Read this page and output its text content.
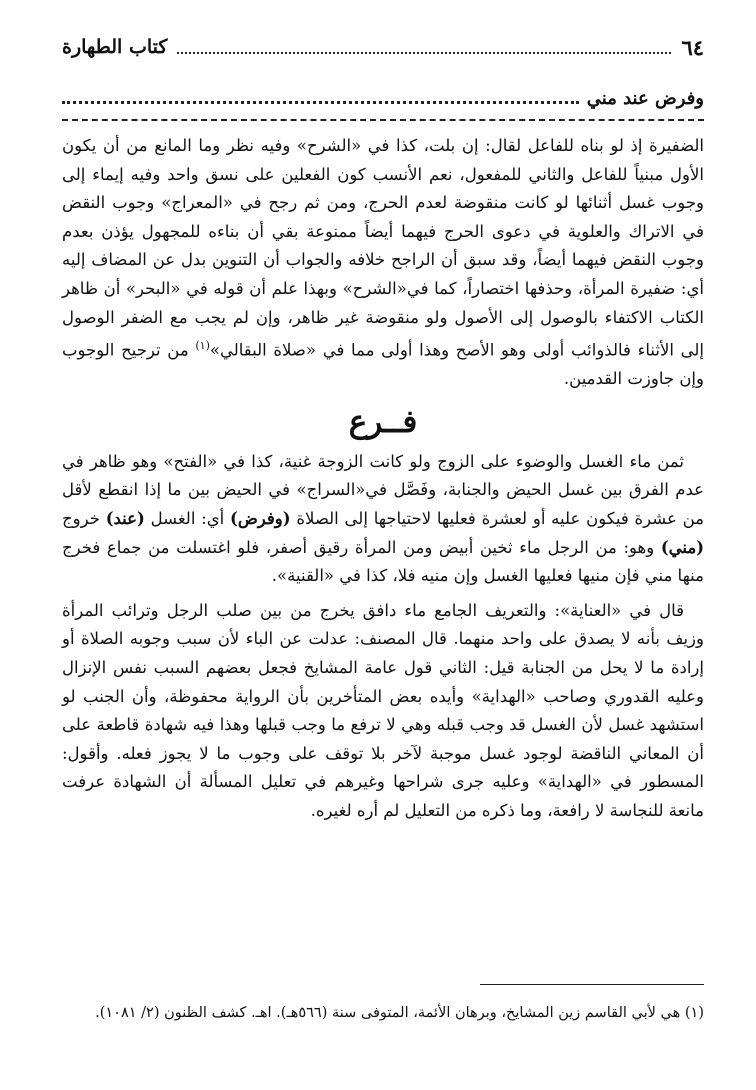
٦٤
كتاب الطهارة
وفرض عند مني

الضفيرة إذ لو بناه للفاعل لقال: إن بلت، كذا في «الشرح» وفيه نظر وما المانع من أن يكون الأول مبنياً للفاعل والثاني للمفعول، نعم الأنسب كون الفعلين على نسق واحد وفيه إيماء إلى وجوب غسل أثنائها لو كانت منقوضة لعدم الحرج، ومن ثم رجح في «المعراج» وجوب النقض في الاتراك والعلوية في دعوى الحرج فيهما أيضاً ممنوعة بقي أن بناءه للمجهول يؤذن بعدم وجوب النقض فيهما أيضاً، وقد سبق أن الراجح خلافه والجواب أن التنوين بدل عن المضاف إليه أي: ضفيرة المرأة، وحذفها اختصاراً، كما في«الشرح» وبهذا علم أن قوله في «البحر» أن ظاهر الكتاب الاكتفاء بالوصول إلى الأصول ولو منقوضة غير ظاهر، وإن لم يجب مع الضفر الوصول إلى الأثناء فالذوائب أولى وهو الأصح وهذا أولى مما في «صلاة البقالي»$^{(١)}$ من ترجيح الوجوب وإن جاوزت القدمين.

فــرع

ثمن ماء الغسل والوضوء على الزوج ولو كانت الزوجة غنية، كذا في «الفتح» وهو ظاهر في عدم الفرق بين غسل الحيض والجنابة، وفَصَّل في«السراج» في الحيض بين ما إذا انقطع لأقل من عشرة فيكون عليه أو لعشرة فعليها لاحتياجها إلى الصلاة (وفرض) أي: الغسل (عند) خروج (مني) وهو: من الرجل ماء ثخين أبيض ومن المرأة رقيق أصفر، فلو اغتسلت من جماع فخرج منها مني فإن منيها فعليها الغسل وإن منيه فلا، كذا في «القنية».

قال في «العناية»: والتعريف الجامع ماء دافق يخرج من بين صلب الرجل وترائب المرأة وزيف بأنه لا يصدق على واحد منهما. قال المصنف: عدلت عن الباء لأن سبب وجوبه الصلاة أو إرادة ما لا يحل من الجنابة قيل: الثاني قول عامة المشايخ فجعل بعضهم السبب نفس الإنزال وعليه القدوري وصاحب «الهداية» وأيده بعض المتأخرين بأن الرواية محفوظة، وأن الجنب لو استشهد غسل لأن الغسل قد وجب قبله وهي لا ترفع ما وجب قبلها وهذا فيه شهادة قاطعة على أن المعاني الناقضة لوجود غسل موجبة لآخر بلا توقف على وجوب ما لا يجوز فعله. وأقول: المسطور في «الهداية» وعليه جرى شراحها وغيرهم في تعليل المسألة أن الشهادة عرفت مانعة للنجاسة لا رافعة، وما ذكره من التعليل لم أره لغيره.

(١) هي لأبي القاسم زين المشايخ، وبرهان الأئمة، المتوفى سنة (٥٦٦هـ). اهـ. كشف الظنون (٢/ ١٠٨١).
